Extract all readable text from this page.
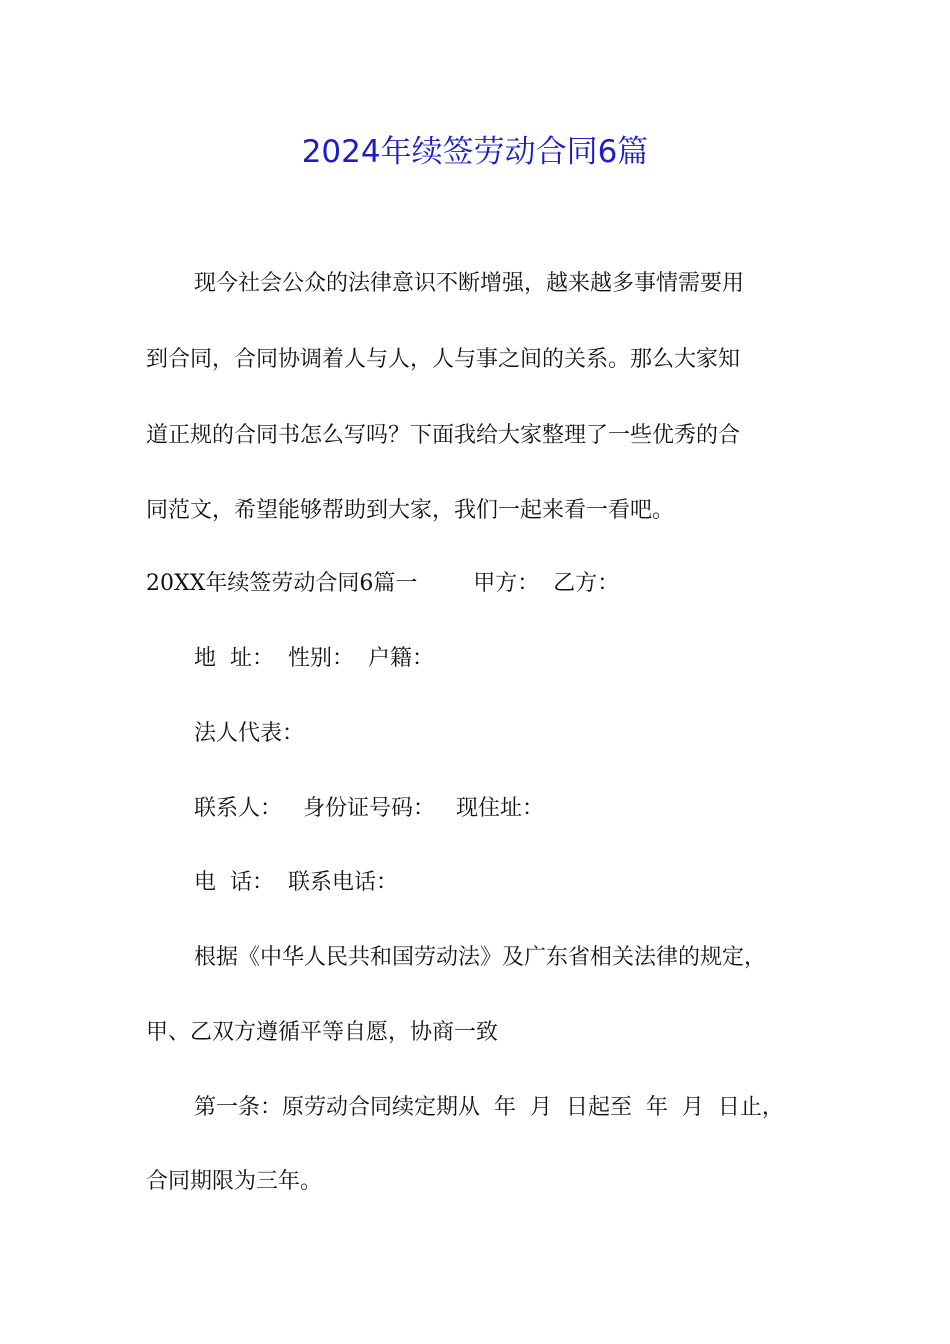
2024年续签劳动合同6篇
现今社会公众的法律意识不断增强，越来越多事情需要用
到合同，合同协调着人与人，人与事之间的关系。那么大家知
道正规的合同书怎么写吗？下面我给大家整理了一些优秀的合
同范文，希望能够帮助到大家，我们一起来看一看吧。
20XX年续签劳动合同6篇一        甲方：  乙方：
地  址：  性别：  户籍：
法人代表：
联系人：   身份证号码：   现住址：
电  话：  联系电话：
根据《中华人民共和国劳动法》及广东省相关法律的规定，
甲、乙双方遵循平等自愿，协商一致
第一条：原劳动合同续定期从  年  月  日起至  年  月  日止，
合同期限为三年。
